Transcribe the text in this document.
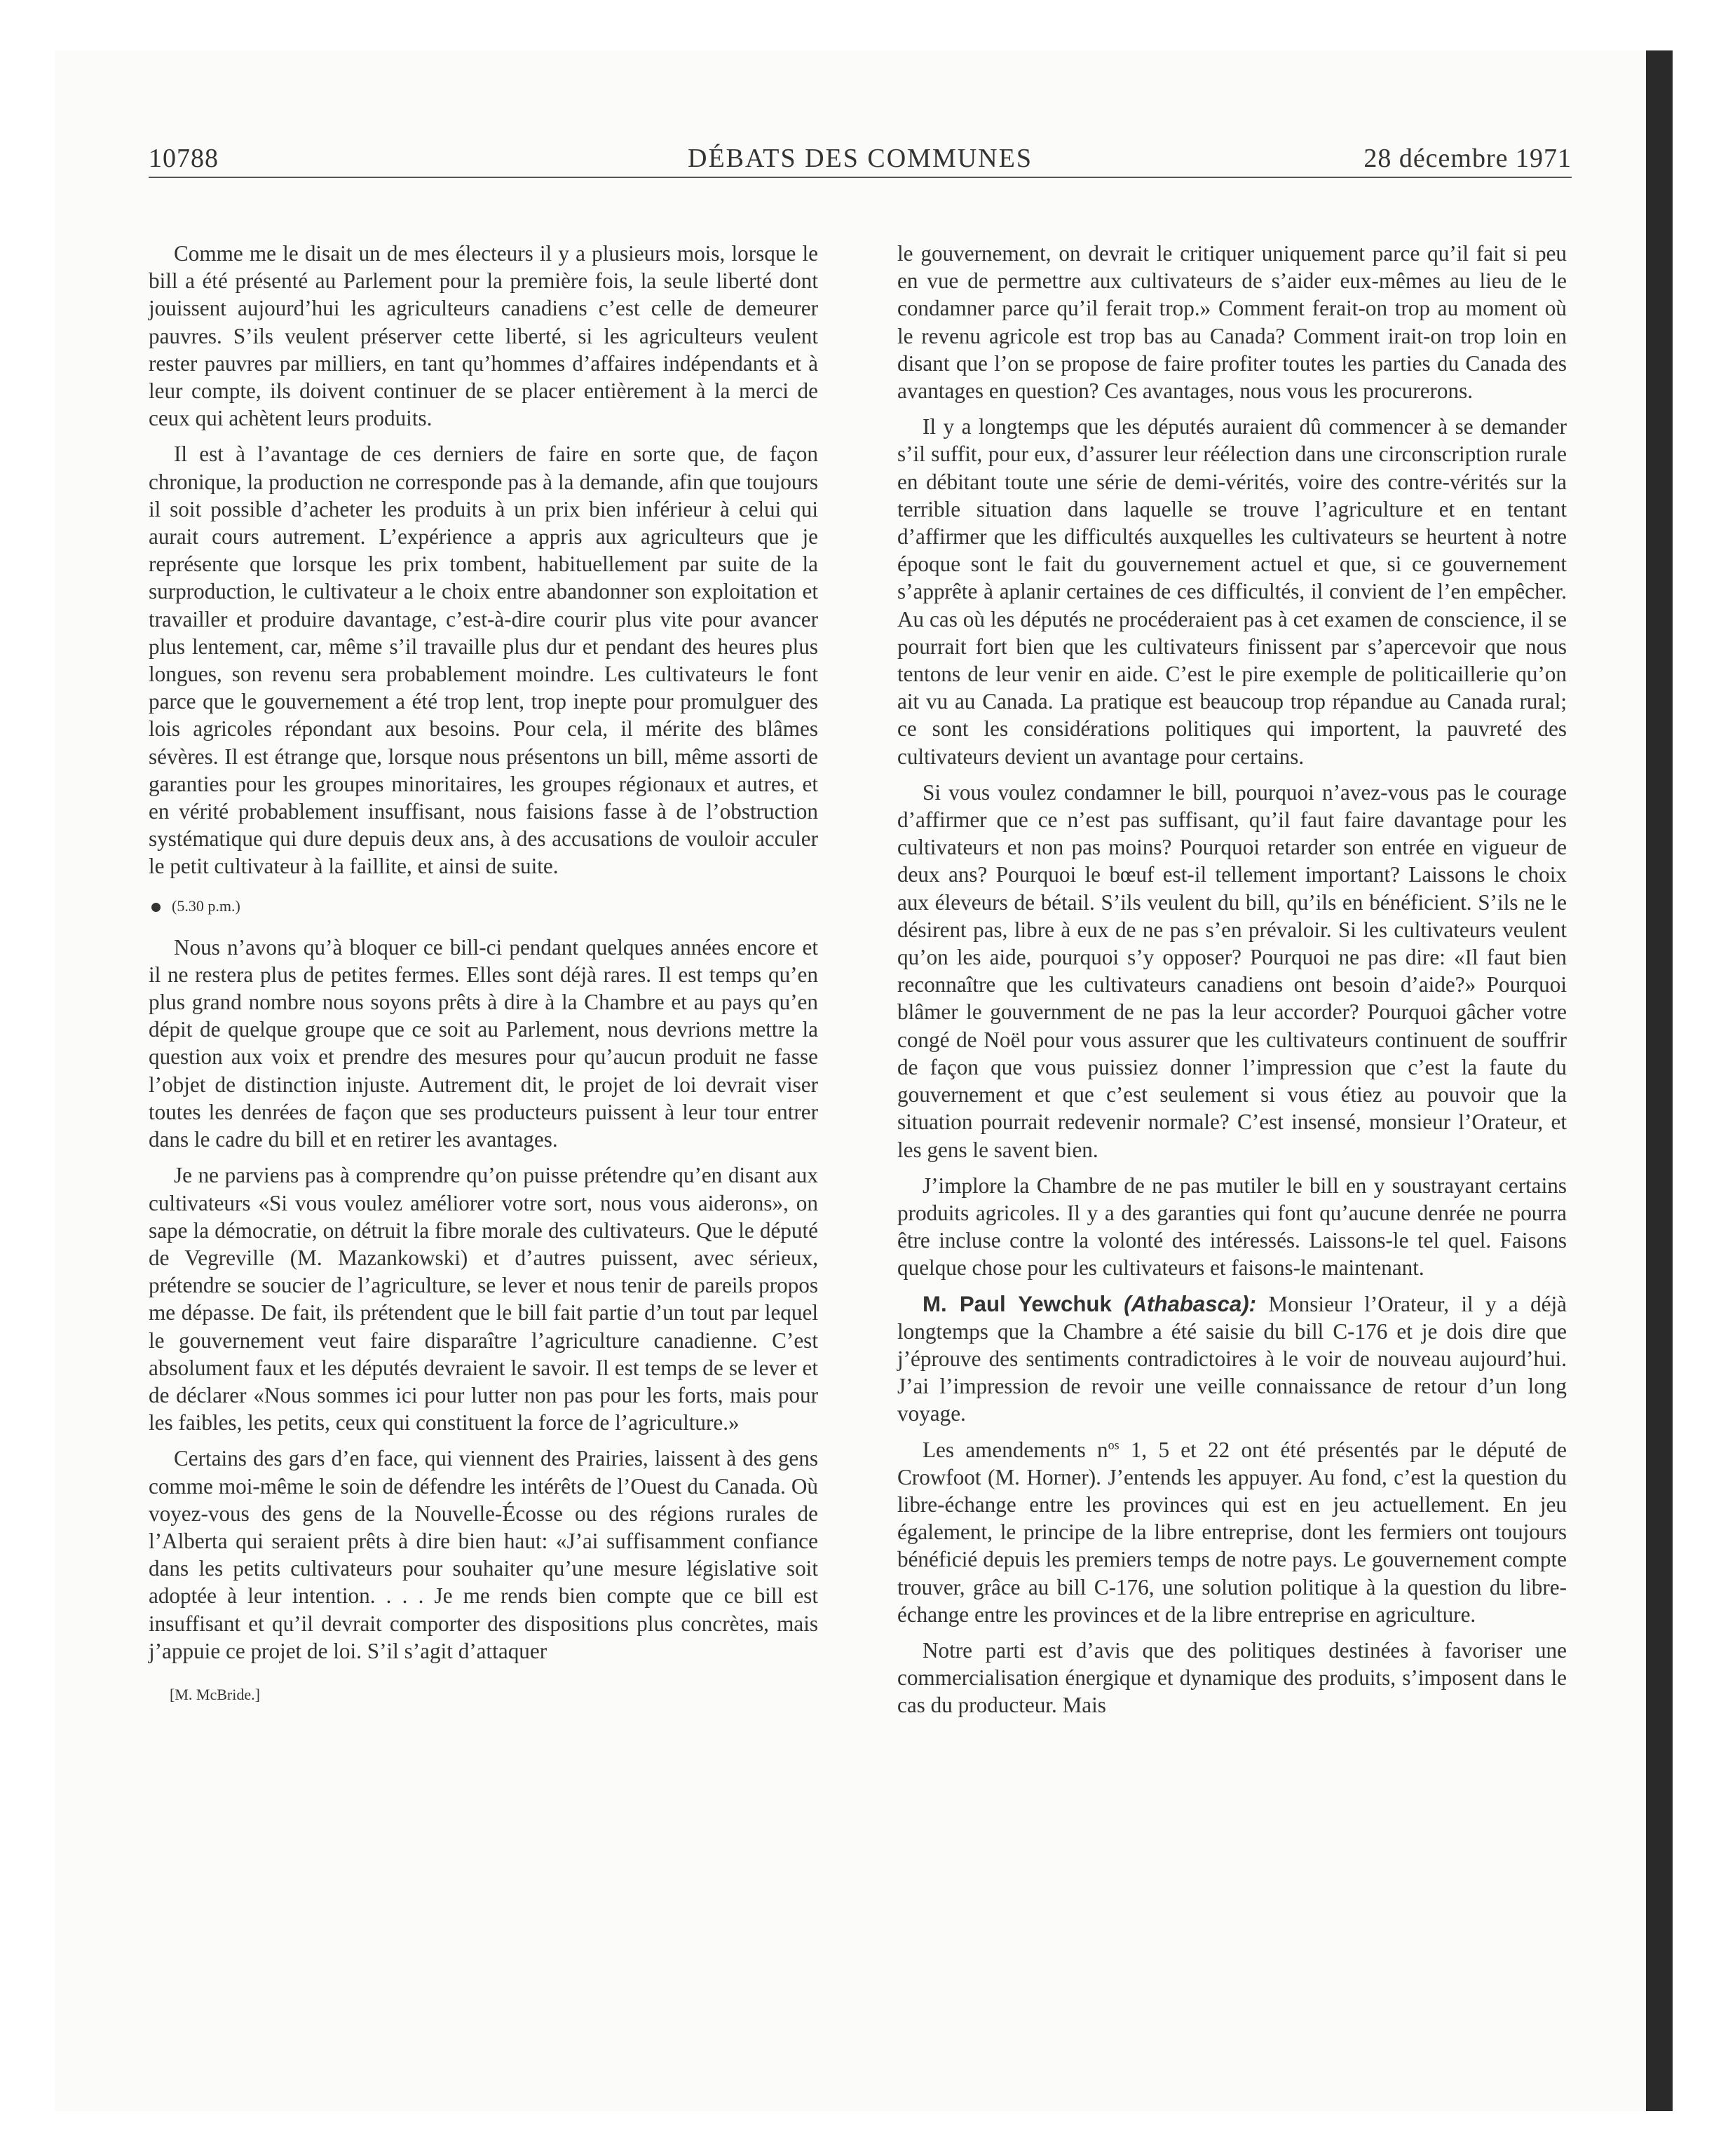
10788	DÉBATS DES COMMUNES	28 décembre 1971

Comme me le disait un de mes électeurs il y a plusieurs mois, lorsque le bill a été présenté au Parlement pour la première fois, la seule liberté dont jouissent aujourd’hui les agriculteurs canadiens c’est celle de demeurer pauvres. S’ils veulent préserver cette liberté, si les agriculteurs veulent rester pauvres par milliers, en tant qu’hommes d’affaires indépendants et à leur compte, ils doivent continuer de se placer entièrement à la merci de ceux qui achètent leurs produits.

Il est à l’avantage de ces derniers de faire en sorte que, de façon chronique, la production ne corresponde pas à la demande, afin que toujours il soit possible d’acheter les produits à un prix bien inférieur à celui qui aurait cours autrement. L’expérience a appris aux agriculteurs que je représente que lorsque les prix tombent, habituellement par suite de la surproduction, le cultivateur a le choix entre abandonner son exploitation et travailler et produire davantage, c’est-à-dire courir plus vite pour avancer plus lentement, car, même s’il travaille plus dur et pendant des heures plus longues, son revenu sera probablement moindre. Les cultivateurs le font parce que le gouvernement a été trop lent, trop inepte pour promulguer des lois agricoles répondant aux besoins. Pour cela, il mérite des blâmes sévères. Il est étrange que, lorsque nous présentons un bill, même assorti de garanties pour les groupes minoritaires, les groupes régionaux et autres, et en vérité probablement insuffisant, nous faisions fasse à de l’obstruction systématique qui dure depuis deux ans, à des accusations de vouloir acculer le petit cultivateur à la faillite, et ainsi de suite.

(5.30 p.m.)

Nous n’avons qu’à bloquer ce bill-ci pendant quelques années encore et il ne restera plus de petites fermes. Elles sont déjà rares. Il est temps qu’en plus grand nombre nous soyons prêts à dire à la Chambre et au pays qu’en dépit de quelque groupe que ce soit au Parlement, nous devrions mettre la question aux voix et prendre des mesures pour qu’aucun produit ne fasse l’objet de distinction injuste. Autrement dit, le projet de loi devrait viser toutes les denrées de façon que ses producteurs puissent à leur tour entrer dans le cadre du bill et en retirer les avantages.

Je ne parviens pas à comprendre qu’on puisse prétendre qu’en disant aux cultivateurs «Si vous voulez améliorer votre sort, nous vous aiderons», on sape la démocratie, on détruit la fibre morale des cultivateurs. Que le député de Vegreville (M. Mazankowski) et d’autres puissent, avec sérieux, prétendre se soucier de l’agriculture, se lever et nous tenir de pareils propos me dépasse. De fait, ils prétendent que le bill fait partie d’un tout par lequel le gouvernement veut faire disparaître l’agriculture canadienne. C’est absolument faux et les députés devraient le savoir. Il est temps de se lever et de déclarer «Nous sommes ici pour lutter non pas pour les forts, mais pour les faibles, les petits, ceux qui constituent la force de l’agriculture.»

Certains des gars d’en face, qui viennent des Prairies, laissent à des gens comme moi-même le soin de défendre les intérêts de l’Ouest du Canada. Où voyez-vous des gens de la Nouvelle-Écosse ou des régions rurales de l’Alberta qui seraient prêts à dire bien haut: «J’ai suffisamment confiance dans les petits cultivateurs pour souhaiter qu’une mesure législative soit adoptée à leur intention. . . . Je me rends bien compte que ce bill est insuffisant et qu’il devrait comporter des dispositions plus concrètes, mais j’appuie ce projet de loi. S’il s’agit d’attaquer

[M. McBride.]

le gouvernement, on devrait le critiquer uniquement parce qu’il fait si peu en vue de permettre aux cultivateurs de s’aider eux-mêmes au lieu de le condamner parce qu’il ferait trop.» Comment ferait-on trop au moment où le revenu agricole est trop bas au Canada? Comment irait-on trop loin en disant que l’on se propose de faire profiter toutes les parties du Canada des avantages en question? Ces avantages, nous vous les procurerons.

Il y a longtemps que les députés auraient dû commencer à se demander s’il suffit, pour eux, d’assurer leur réélection dans une circonscription rurale en débitant toute une série de demi-vérités, voire des contre-vérités sur la terrible situation dans laquelle se trouve l’agriculture et en tentant d’affirmer que les difficultés auxquelles les cultivateurs se heurtent à notre époque sont le fait du gouvernement actuel et que, si ce gouvernement s’apprête à aplanir certaines de ces difficultés, il convient de l’en empêcher. Au cas où les députés ne procéderaient pas à cet examen de conscience, il se pourrait fort bien que les cultivateurs finissent par s’apercevoir que nous tentons de leur venir en aide. C’est le pire exemple de politicaillerie qu’on ait vu au Canada. La pratique est beaucoup trop répandue au Canada rural; ce sont les considérations politiques qui importent, la pauvreté des cultivateurs devient un avantage pour certains.

Si vous voulez condamner le bill, pourquoi n’avez-vous pas le courage d’affirmer que ce n’est pas suffisant, qu’il faut faire davantage pour les cultivateurs et non pas moins? Pourquoi retarder son entrée en vigueur de deux ans? Pourquoi le bœuf est-il tellement important? Laissons le choix aux éleveurs de bétail. S’ils veulent du bill, qu’ils en bénéficient. S’ils ne le désirent pas, libre à eux de ne pas s’en prévaloir. Si les cultivateurs veulent qu’on les aide, pourquoi s’y opposer? Pourquoi ne pas dire: «Il faut bien reconnaître que les cultivateurs canadiens ont besoin d’aide?» Pourquoi blâmer le gouvernment de ne pas la leur accorder? Pourquoi gâcher votre congé de Noël pour vous assurer que les cultivateurs continuent de souffrir de façon que vous puissiez donner l’impression que c’est la faute du gouvernement et que c’est seulement si vous étiez au pouvoir que la situation pourrait redevenir normale? C’est insensé, monsieur l’Orateur, et les gens le savent bien.

J’implore la Chambre de ne pas mutiler le bill en y soustrayant certains produits agricoles. Il y a des garanties qui font qu’aucune denrée ne pourra être incluse contre la volonté des intéressés. Laissons-le tel quel. Faisons quelque chose pour les cultivateurs et faisons-le maintenant.

M. Paul Yewchuk (Athabasca): Monsieur l’Orateur, il y a déjà longtemps que la Chambre a été saisie du bill C-176 et je dois dire que j’éprouve des sentiments contradictoires à le voir de nouveau aujourd’hui. J’ai l’impression de revoir une veille connaissance de retour d’un long voyage.

Les amendements $n^{os}$ 1, 5 et 22 ont été présentés par le député de Crowfoot (M. Horner). J’entends les appuyer. Au fond, c’est la question du libre-échange entre les provinces qui est en jeu actuellement. En jeu également, le principe de la libre entreprise, dont les fermiers ont toujours bénéficié depuis les premiers temps de notre pays. Le gouvernement compte trouver, grâce au bill C-176, une solution politique à la question du libre-échange entre les provinces et de la libre entreprise en agriculture.

Notre parti est d’avis que des politiques destinées à favoriser une commercialisation énergique et dynamique des produits, s’imposent dans le cas du producteur. Mais
